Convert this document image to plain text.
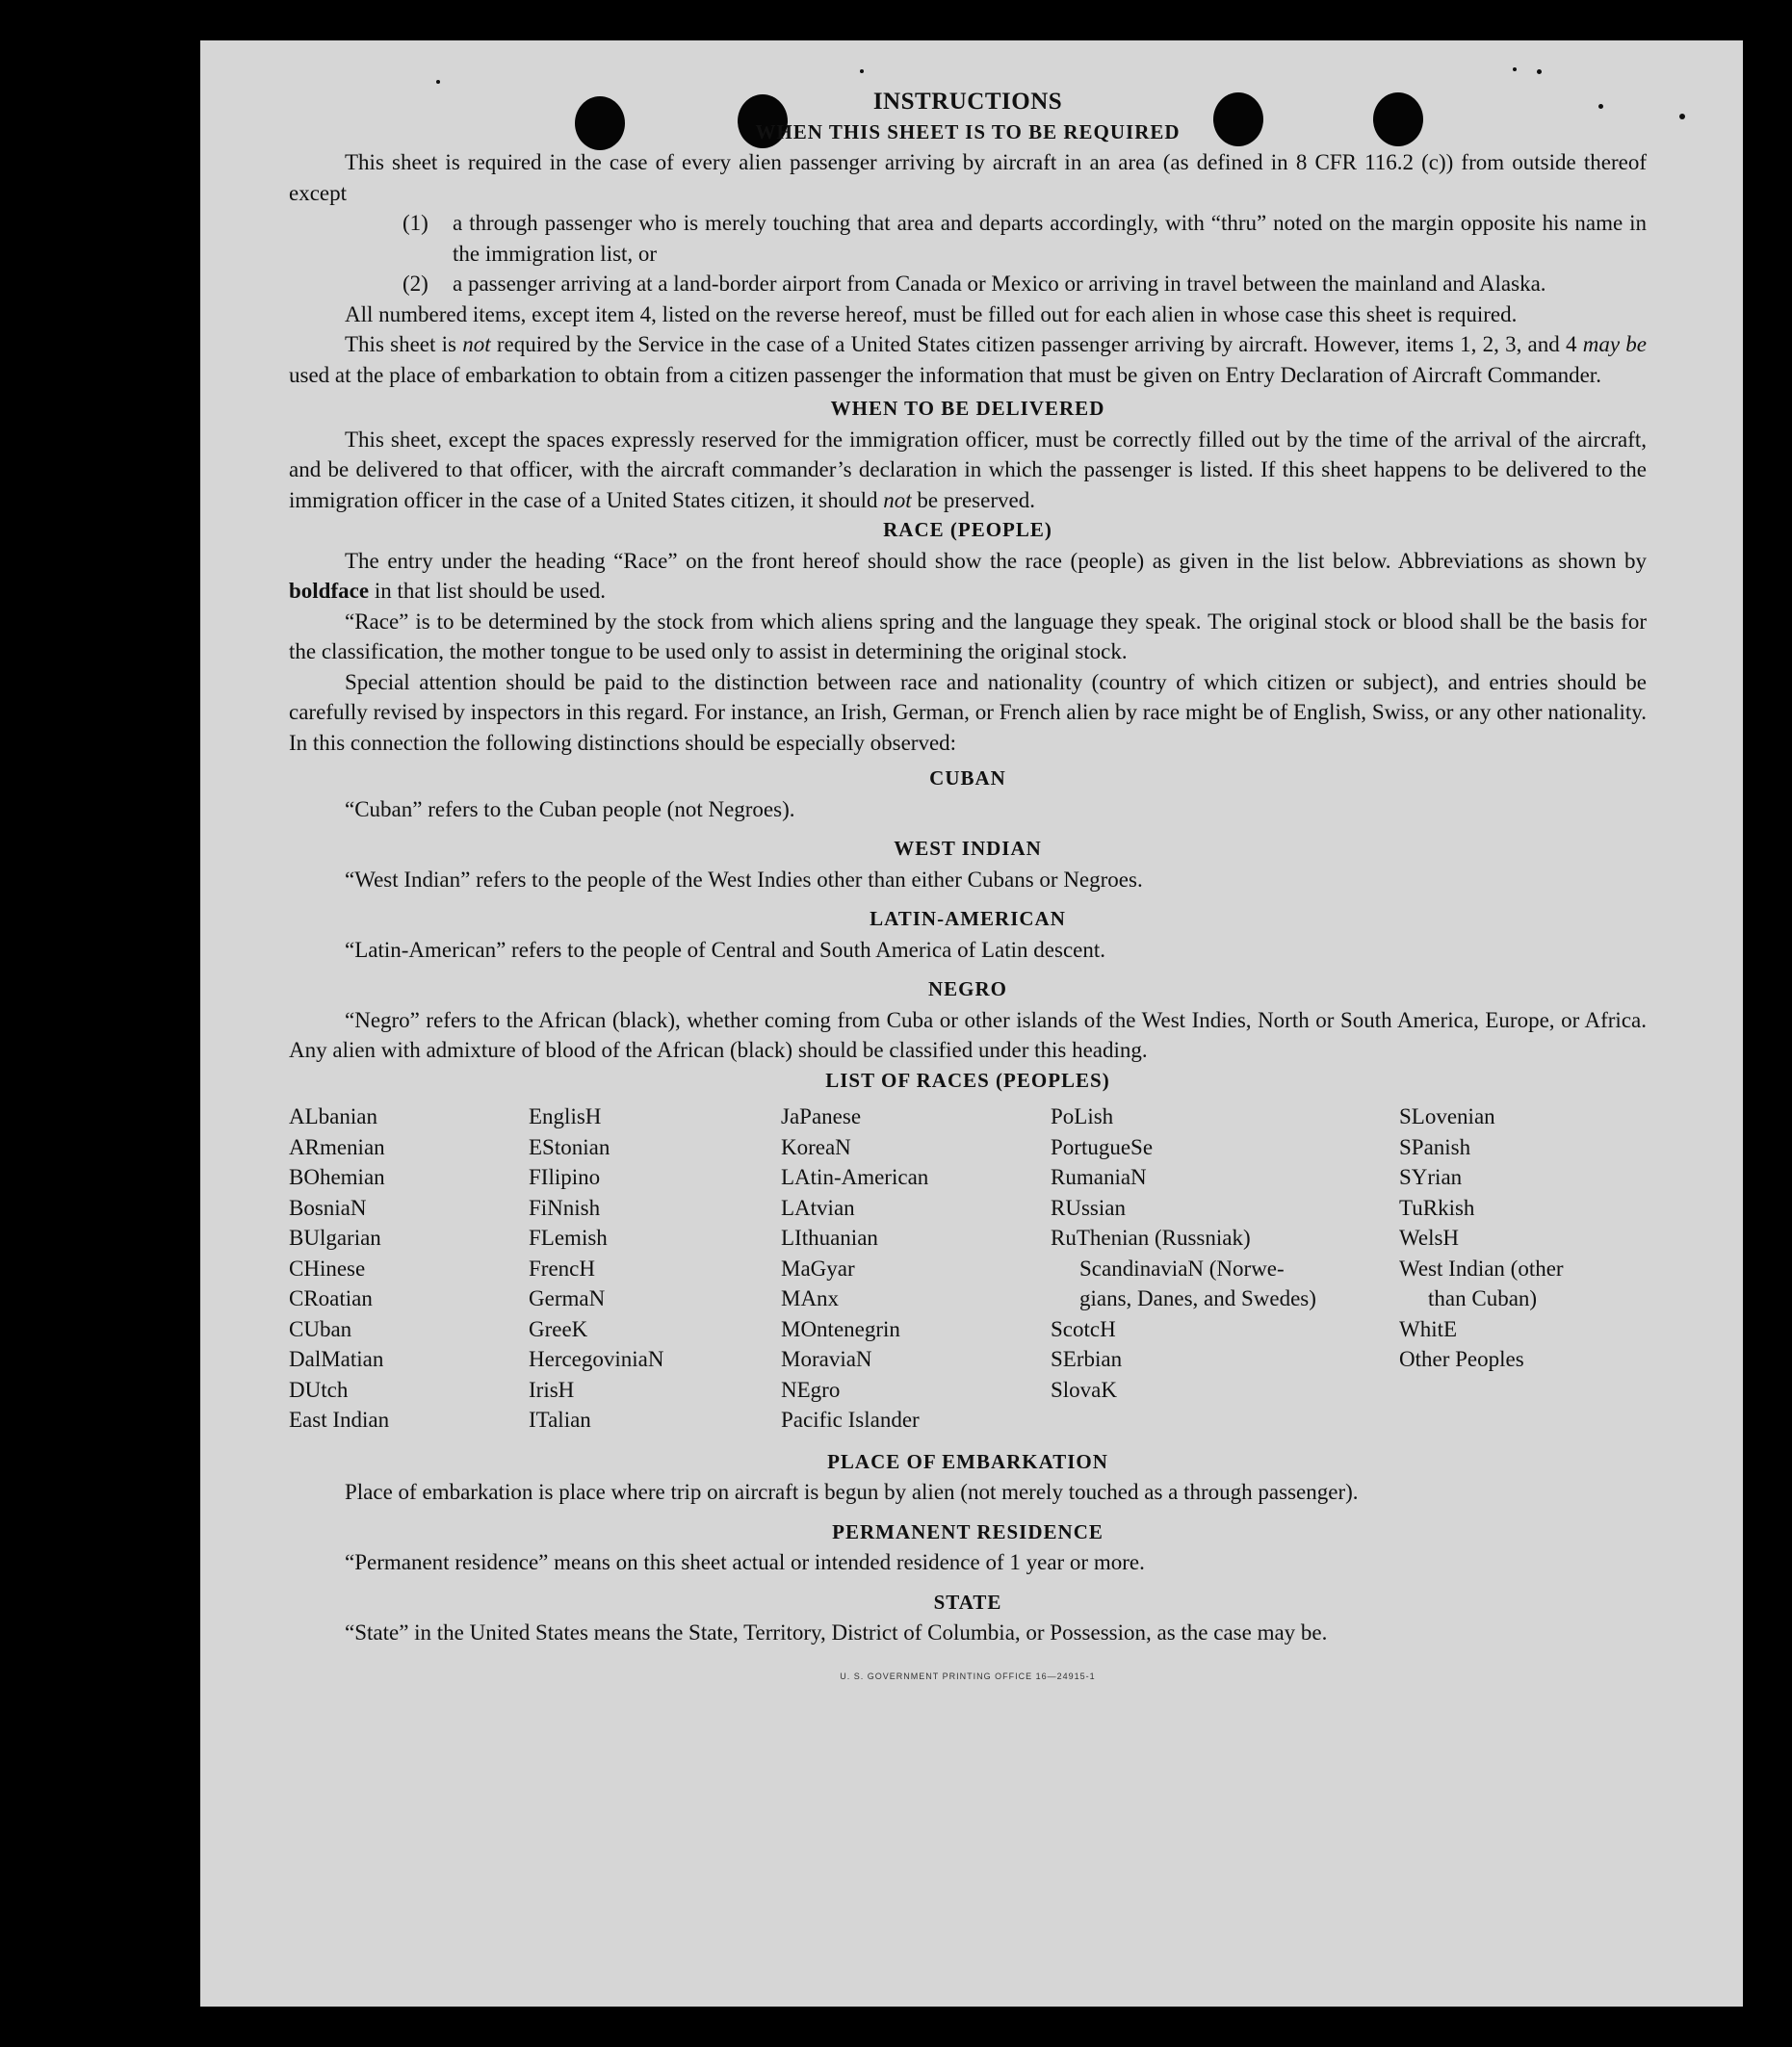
INSTRUCTIONS
WHEN THIS SHEET IS TO BE REQUIRED

This sheet is required in the case of every alien passenger arriving by aircraft in an area (as defined in 8 CFR 116.2 (c)) from outside thereof except

(1)	a through passenger who is merely touching that area and departs accordingly, with “thru” noted on the margin opposite his name in the immigration list, or
(2)	a passenger arriving at a land-border airport from Canada or Mexico or arriving in travel between the mainland and Alaska.

All numbered items, except item 4, listed on the reverse hereof, must be filled out for each alien in whose case this sheet is required.

This sheet is not required by the Service in the case of a United States citizen passenger arriving by aircraft. However, items 1, 2, 3, and 4 may be used at the place of embarkation to obtain from a citizen passenger the information that must be given on Entry Declaration of Aircraft Commander.

WHEN TO BE DELIVERED

This sheet, except the spaces expressly reserved for the immigration officer, must be correctly filled out by the time of the arrival of the aircraft, and be delivered to that officer, with the aircraft commander’s declaration in which the passenger is listed. If this sheet happens to be delivered to the immigration officer in the case of a United States citizen, it should not be preserved.

RACE (PEOPLE)

The entry under the heading “Race” on the front hereof should show the race (people) as given in the list below. Abbreviations as shown by boldface in that list should be used.

“Race” is to be determined by the stock from which aliens spring and the language they speak. The original stock or blood shall be the basis for the classification, the mother tongue to be used only to assist in determining the original stock.

Special attention should be paid to the distinction between race and nationality (country of which citizen or subject), and entries should be carefully revised by inspectors in this regard. For instance, an Irish, German, or French alien by race might be of English, Swiss, or any other nationality. In this connection the following distinctions should be especially observed:

CUBAN

“Cuban” refers to the Cuban people (not Negroes).

WEST INDIAN

“West Indian” refers to the people of the West Indies other than either Cubans or Negroes.

LATIN-AMERICAN

“Latin-American” refers to the people of Central and South America of Latin descent.

NEGRO

“Negro” refers to the African (black), whether coming from Cuba or other islands of the West Indies, North or South America, Europe, or Africa. Any alien with admixture of blood of the African (black) should be classified under this heading.

LIST OF RACES (PEOPLES)
ALbanian
ARmenian
BOhemian
BosniaN
BUlgarian
CHinese
CRoatian
CUban
DalMatian
DUtch
East Indian
EnglisH
EStonian
FIlipino
FiNnish
FLemish
FrencH
GermaN
GreeK
HercegoviniaN
IrisH
ITalian
JaPanese
KoreaN
LAtin-American
LAtvian
LIthuanian
MaGyar
MAnx
MOntenegrin
MoraviaN
NEgro
Pacific Islander
PoLish
PortugueSe
RumaniaN
RUssian
RuThenian (Russniak)
ScandinaviaN (Norwe-
gians, Danes, and Swedes)
ScotcH
SErbian
SlovaK
SLovenian
SPanish
SYrian
TuRkish
WelsH
West Indian (other
than Cuban)
WhitE
Other Peoples
PLACE OF EMBARKATION

Place of embarkation is place where trip on aircraft is begun by alien (not merely touched as a through passenger).

PERMANENT RESIDENCE

“Permanent residence” means on this sheet actual or intended residence of 1 year or more.

STATE

“State” in the United States means the State, Territory, District of Columbia, or Possession, as the case may be.

U. S. GOVERNMENT PRINTING OFFICE 16—24915-1
